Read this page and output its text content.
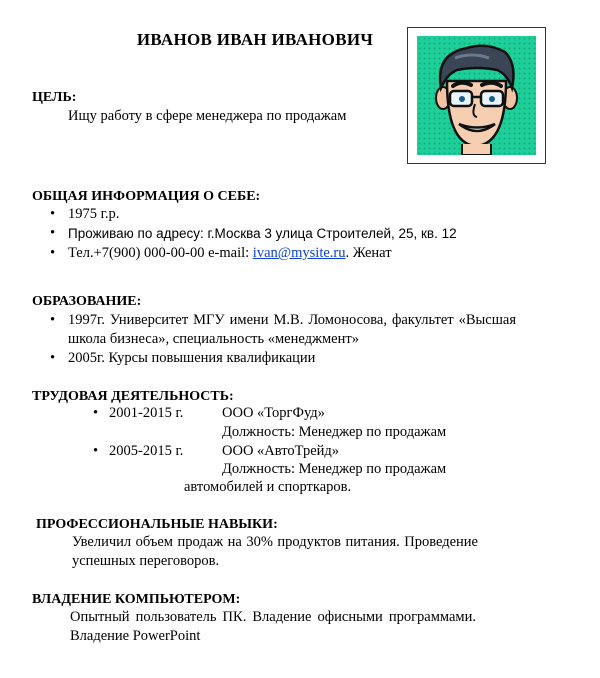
ИВАНОВ ИВАН ИВАНОВИЧ
ЦЕЛЬ:
Ищу работу в сфере менеджера по продажам
ОБЩАЯ ИНФОРМАЦИЯ О СЕБЕ:
• 1975 г.р.
• Проживаю по адресу: г.Москва 3 улица Строителей, 25, кв. 12
• Тел.+7(900) 000-00-00 e-mail: ivan@mysite.ru. Женат
ОБРАЗОВАНИЕ:
• 1997г. Университет МГУ имени М.В. Ломоносова, факультет «Высшая школа бизнеса», специальность «менеджмент»
• 2005г. Курсы повышения квалификации
ТРУДОВАЯ ДЕЯТЕЛЬНОСТЬ:
• 2001-2015 г.	ООО «ТоргФуд»
Должность: Менеджер по продажам
• 2005-2015 г.	ООО «АвтоТрейд»
Должность: Менеджер по продажам
автомобилей и спорткаров.
ПРОФЕССИОНАЛЬНЫЕ НАВЫКИ:
Увеличил объем продаж на 30% продуктов питания. Проведение успешных переговоров.
ВЛАДЕНИЕ КОМПЬЮТЕРОМ:
Опытный пользователь ПК. Владение офисными программами. Владение PowerPoint
